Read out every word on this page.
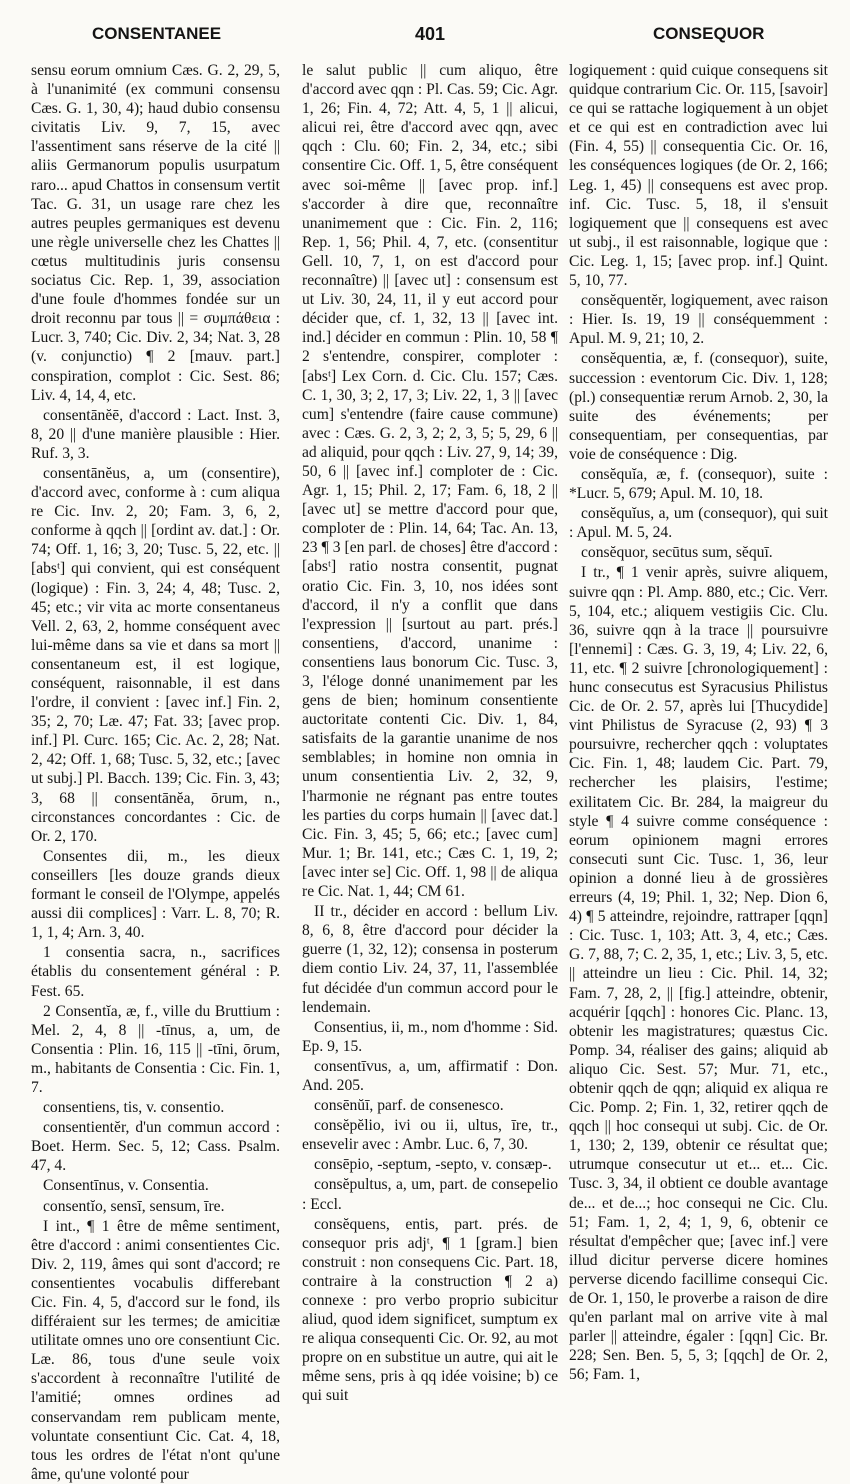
CONSENTANEE	401	CONSEQUOR

sensu eorum omnium Cæs. G. 2, 29, 5, à l'unanimité (ex communi consensu Cæs. G. 1, 30, 4); haud dubio consensu civitatis Liv. 9, 7, 15, avec l'assentiment sans réserve de la cité || aliis Germanorum populis usurpatum raro... apud Chattos in consensum vertit Tac. G. 31, un usage rare chez les autres peuples germaniques est devenu une règle universelle chez les Chattes || cœtus multitudinis juris consensu sociatus Cic. Rep. 1, 39, association d'une foule d'hommes fondée sur un droit reconnu par tous || = συμπάθεια : Lucr. 3, 740; Cic. Div. 2, 34; Nat. 3, 28 (v. conjunctio) ¶ 2 [mauv. part.] conspiration, complot : Cic. Sest. 86; Liv. 4, 14, 4, etc.

consentānĕē, d'accord : Lact. Inst. 3, 8, 20 || d'une manière plausible : Hier. Ruf. 3, 3.

consentānĕus, a, um (consentire), d'accord avec, conforme à : cum aliqua re Cic. Inv. 2, 20; Fam. 3, 6, 2, conforme à qqch || [ordint av. dat.] : Or. 74; Off. 1, 16; 3, 20; Tusc. 5, 22, etc. || [absᵗ] qui convient, qui est conséquent (logique) : Fin. 3, 24; 4, 48; Tusc. 2, 45; etc.; vir vita ac morte consentaneus Vell. 2, 63, 2, homme conséquent avec lui-même dans sa vie et dans sa mort || consentaneum est, il est logique, conséquent, raisonnable, il est dans l'ordre, il convient : [avec inf.] Fin. 2, 35; 2, 70; Læ. 47; Fat. 33; [avec prop. inf.] Pl. Curc. 165; Cic. Ac. 2, 28; Nat. 2, 42; Off. 1, 68; Tusc. 5, 32, etc.; [avec ut subj.] Pl. Bacch. 139; Cic. Fin. 3, 43; 3, 68 || consentānĕa, ōrum, n., circonstances concordantes : Cic. de Or. 2, 170.

Consentes dii, m., les dieux conseillers [les douze grands dieux formant le conseil de l'Olympe, appelés aussi dii complices] : Varr. L. 8, 70; R. 1, 1, 4; Arn. 3, 40.

1 consentia sacra, n., sacrifices établis du consentement général : P. Fest. 65.

2 Consentĭa, æ, f., ville du Bruttium : Mel. 2, 4, 8 || -tīnus, a, um, de Consentia : Plin. 16, 115 || -tīni, ōrum, m., habitants de Consentia : Cic. Fin. 1, 7.

consentiens, tis, v. consentio.

consentientĕr, d'un commun accord : Boet. Herm. Sec. 5, 12; Cass. Psalm. 47, 4.

Consentīnus, v. Consentia.

consentĭo, sensī, sensum, īre.

I int., ¶ 1 être de même sentiment, être d'accord : animi consentientes Cic. Div. 2, 119, âmes qui sont d'accord; re consentientes vocabulis differebant Cic. Fin. 4, 5, d'accord sur le fond, ils différaient sur les termes; de amicitiæ utilitate omnes uno ore consentiunt Cic. Læ. 86, tous d'une seule voix s'accordent à reconnaître l'utilité de l'amitié; omnes ordines ad conservandam rem publicam mente, voluntate consentiunt Cic. Cat. 4, 18, tous les ordres de l'état n'ont qu'une âme, qu'une volonté pour

le salut public || cum aliquo, être d'accord avec qqn : Pl. Cas. 59; Cic. Agr. 1, 26; Fin. 4, 72; Att. 4, 5, 1 || alicui, alicui rei, être d'accord avec qqn, avec qqch : Clu. 60; Fin. 2, 34, etc.; sibi consentire Cic. Off. 1, 5, être conséquent avec soi-même || [avec prop. inf.] s'accorder à dire que, reconnaître unanimement que : Cic. Fin. 2, 116; Rep. 1, 56; Phil. 4, 7, etc. (consentitur Gell. 10, 7, 1, on est d'accord pour reconnaître) || [avec ut] : consensum est ut Liv. 30, 24, 11, il y eut accord pour décider que, cf. 1, 32, 13 || [avec int. ind.] décider en commun : Plin. 10, 58 ¶ 2 s'entendre, conspirer, comploter : [absᵗ] Lex Corn. d. Cic. Clu. 157; Cæs. C. 1, 30, 3; 2, 17, 3; Liv. 22, 1, 3 || [avec cum] s'entendre (faire cause commune) avec : Cæs. G. 2, 3, 2; 2, 3, 5; 5, 29, 6 || ad aliquid, pour qqch : Liv. 27, 9, 14; 39, 50, 6 || [avec inf.] comploter de : Cic. Agr. 1, 15; Phil. 2, 17; Fam. 6, 18, 2 || [avec ut] se mettre d'accord pour que, comploter de : Plin. 14, 64; Tac. An. 13, 23 ¶ 3 [en parl. de choses] être d'accord : [absᵗ] ratio nostra consentit, pugnat oratio Cic. Fin. 3, 10, nos idées sont d'accord, il n'y a conflit que dans l'expression || [surtout au part. prés.] consentiens, d'accord, unanime : consentiens laus bonorum Cic. Tusc. 3, 3, l'éloge donné unanimement par les gens de bien; hominum consentiente auctoritate contenti Cic. Div. 1, 84, satisfaits de la garantie unanime de nos semblables; in homine non omnia in unum consentientia Liv. 2, 32, 9, l'harmonie ne régnant pas entre toutes les parties du corps humain || [avec dat.] Cic. Fin. 3, 45; 5, 66; etc.; [avec cum] Mur. 1; Br. 141, etc.; Cæs C. 1, 19, 2; [avec inter se] Cic. Off. 1, 98 || de aliqua re Cic. Nat. 1, 44; CM 61.

II tr., décider en accord : bellum Liv. 8, 6, 8, être d'accord pour décider la guerre (1, 32, 12); consensa in posterum diem contio Liv. 24, 37, 11, l'assemblée fut décidée d'un commun accord pour le lendemain.

Consentius, ii, m., nom d'homme : Sid. Ep. 9, 15.

consentīvus, a, um, affirmatif : Don. And. 205.

consēnŭī, parf. de consenesco.

consĕpĕlio, ivi ou ii, ultus, īre, tr., ensevelir avec : Ambr. Luc. 6, 7, 30.

consēpio, -septum, -septo, v. consæp-.

consĕpultus, a, um, part. de consepelio : Eccl.

consĕquens, entis, part. prés. de consequor pris adjᵗ, ¶ 1 [gram.] bien construit : non consequens Cic. Part. 18, contraire à la construction ¶ 2 a) connexe : pro verbo proprio subicitur aliud, quod idem significet, sumptum ex re aliqua consequenti Cic. Or. 92, au mot propre on en substitue un autre, qui ait le même sens, pris à qq idée voisine; b) ce qui suit

logiquement : quid cuique consequens sit quidque contrarium Cic. Or. 115, [savoir] ce qui se rattache logiquement à un objet et ce qui est en contradiction avec lui (Fin. 4, 55) || consequentia Cic. Or. 16, les conséquences logiques (de Or. 2, 166; Leg. 1, 45) || consequens est avec prop. inf. Cic. Tusc. 5, 18, il s'ensuit logiquement que || consequens est avec ut subj., il est raisonnable, logique que : Cic. Leg. 1, 15; [avec prop. inf.] Quint. 5, 10, 77.

consĕquentĕr, logiquement, avec raison : Hier. Is. 19, 19 || conséquemment : Apul. M. 9, 21; 10, 2.

consĕquentia, æ, f. (consequor), suite, succession : eventorum Cic. Div. 1, 128; (pl.) consequentiæ rerum Arnob. 2, 30, la suite des événements; per consequentiam, per consequentias, par voie de conséquence : Dig.

consĕquĭa, æ, f. (consequor), suite : *Lucr. 5, 679; Apul. M. 10, 18.

consĕquĭus, a, um (consequor), qui suit : Apul. M. 5, 24.

consĕquor, secūtus sum, sĕquī.

I tr., ¶ 1 venir après, suivre aliquem, suivre qqn : Pl. Amp. 880, etc.; Cic. Verr. 5, 104, etc.; aliquem vestigiis Cic. Clu. 36, suivre qqn à la trace || poursuivre [l'ennemi] : Cæs. G. 3, 19, 4; Liv. 22, 6, 11, etc. ¶ 2 suivre [chronologiquement] : hunc consecutus est Syracusius Philistus Cic. de Or. 2. 57, après lui [Thucydide] vint Philistus de Syracuse (2, 93) ¶ 3 poursuivre, rechercher qqch : voluptates Cic. Fin. 1, 48; laudem Cic. Part. 79, rechercher les plaisirs, l'estime; exilitatem Cic. Br. 284, la maigreur du style ¶ 4 suivre comme conséquence : eorum opinionem magni errores consecuti sunt Cic. Tusc. 1, 36, leur opinion a donné lieu à de grossières erreurs (4, 19; Phil. 1, 32; Nep. Dion 6, 4) ¶ 5 atteindre, rejoindre, rattraper [qqn] : Cic. Tusc. 1, 103; Att. 3, 4, etc.; Cæs. G. 7, 88, 7; C. 2, 35, 1, etc.; Liv. 3, 5, etc. || atteindre un lieu : Cic. Phil. 14, 32; Fam. 7, 28, 2, || [fig.] atteindre, obtenir, acquérir [qqch] : honores Cic. Planc. 13, obtenir les magistratures; quæstus Cic. Pomp. 34, réaliser des gains; aliquid ab aliquo Cic. Sest. 57; Mur. 71, etc., obtenir qqch de qqn; aliquid ex aliqua re Cic. Pomp. 2; Fin. 1, 32, retirer qqch de qqch || hoc consequi ut subj. Cic. de Or. 1, 130; 2, 139, obtenir ce résultat que; utrumque consecutur ut et... et... Cic. Tusc. 3, 34, il obtient ce double avantage de... et de...; hoc consequi ne Cic. Clu. 51; Fam. 1, 2, 4; 1, 9, 6, obtenir ce résultat d'empêcher que; [avec inf.] vere illud dicitur perverse dicere homines perverse dicendo facillime consequi Cic. de Or. 1, 150, le proverbe a raison de dire qu'en parlant mal on arrive vite à mal parler || atteindre, égaler : [qqn] Cic. Br. 228; Sen. Ben. 5, 5, 3; [qqch] de Or. 2, 56; Fam. 1,
